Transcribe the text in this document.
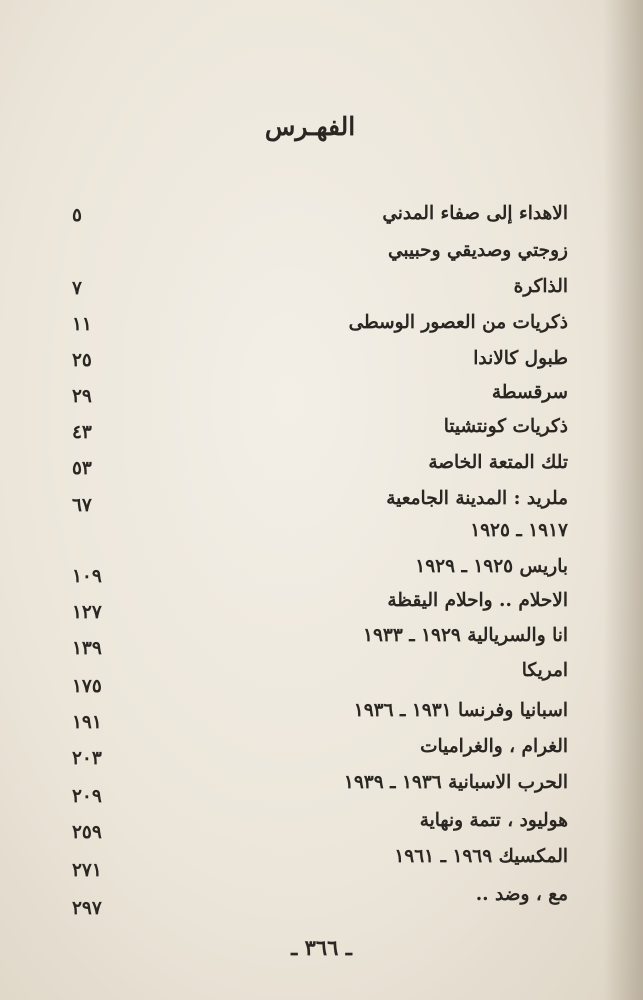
الفهـرس
الاهداء إلى صفاء المدني
٥
زوجتي وصديقي وحبيبي
الذاكرة
٧
ذكريات من العصور الوسطى
١١
طبول كالاندا
٢٥
سرقسطة
٢٩
ذكريات كونتشيتا
٤٣
تلك المتعة الخاصة
٥٣
ملريد : المدينة الجامعية
٦٧
١٩١٧ ـ ١٩٢٥
باريس ١٩٢٥ ـ ١٩٢٩
١٠٩
الاحلام .. واحلام اليقظة
١٢٧
انا والسريالية ١٩٢٩ ـ ١٩٣٣
١٣٩
امريكا
١٧٥
اسبانيا وفرنسا ١٩٣١ ـ ١٩٣٦
١٩١
الغرام ، والغراميات
٢٠٣
الحرب الاسبانية ١٩٣٦ ـ ١٩٣٩
٢٠٩
هوليود ، تتمة ونهاية
٢٥٩
المكسيك ١٩٦٩ ـ ١٩٦١
٢٧١
مع ، وضد ..
٢٩٧
ـ ٣٦٦ ـ
